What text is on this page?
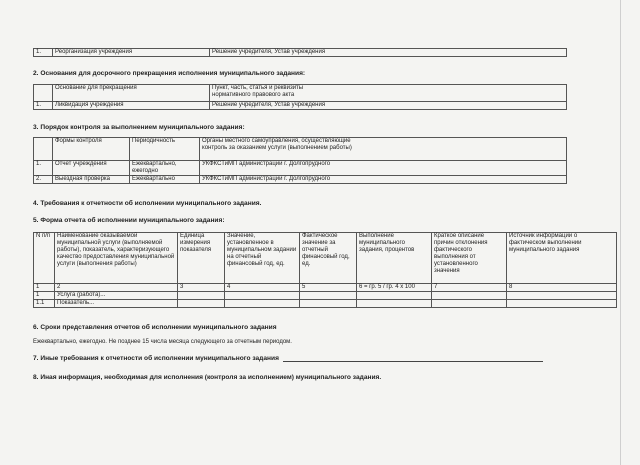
1.	Реорганизация учреждения	Решение учредителя, Устав учреждения
2. Основания для досрочного прекращения исполнения муниципального задания:
	Основание для прекращения	Пункт, часть, статья и реквизиты нормативного правового акта

1.	Ликвидация учреждения	Решение учредителя, Устав учреждения
3. Порядок контроля за выполнением муниципального задания:
	Формы контроля	Периодичность	Органы местного самоуправления, осуществляющие контроль за оказанием услуги (выполнением работы)

1.	Отчет учреждения	Ежеквартально, ежегодно	УКФКСТиМП администрации г. Долгопрудного
2.	Выездная проверка	Ежеквартально	УКФКСТиМП администрации г. Долгопрудного
4. Требования к отчетности об исполнении муниципального задания.
5. Форма отчета об исполнении муниципального задания:
N п/п	Наименование оказываемой муниципальной услуги (выполняемой работы), показатель, характеризующего качество предоставления муниципальной услуги (выполнения работы)	Единица измерения показателя	Значение, установленное в муниципальном задании на отчетный финансовый год, ед.	Фактическое значение за отчетный финансовый год, ед.	Выполнение муниципального задания, процентов	Краткое описание причин отклонения фактического выполнения от установленного значения	Источник информации о фактическом выполнении муниципального задания
1	2	3	4	5	6 = гр. 5 / гр. 4 х 100	7	8
1	Услуга (работа)...						
1.1	Показатель...						
6. Сроки представления отчетов об исполнении муниципального задания
Ежеквартально, ежегодно. Не позднее 15 числа месяца следующего за отчетным периодом.
7. Иные требования к отчетности об исполнении муниципального задания
8. Иная информация, необходимая для исполнения (контроля за исполнением) муниципального задания.
